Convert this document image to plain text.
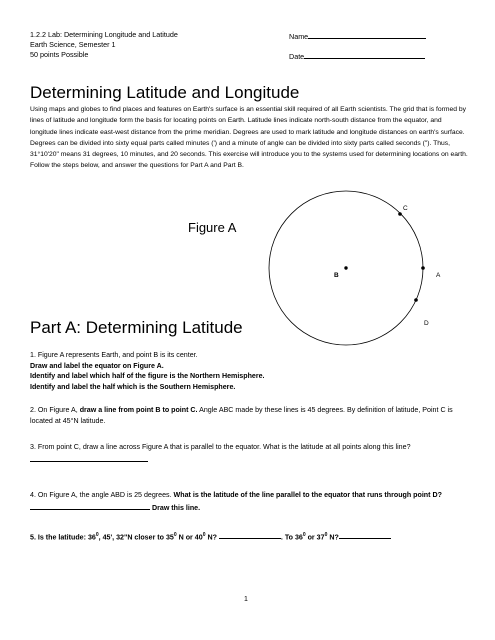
1.2.2 Lab: Determining Longitude and Latitude
Earth Science, Semester 1
50 points Possible
Name
Date
Determining Latitude and Longitude
Using maps and globes to find places and features on Earth's surface is an essential skill required of all Earth scientists. The grid that is formed by lines of latitude and longitude form the basis for locating points on Earth. Latitude lines indicate north-south distance from the equator, and longitude lines indicate east-west distance from the prime meridian. Degrees are used to mark latitude and longitude distances on earth's surface. Degrees can be divided into sixty equal parts called minutes (') and a minute of angle can be divided into sixty parts called seconds ("). Thus, 31°10'20" means 31 degrees, 10 minutes, and 20 seconds. This exercise will introduce you to the systems used for determining locations on earth. Follow the steps below, and answer the questions for Part A and Part B.
Figure A
B	A
C
D
Part A: Determining Latitude

1. Figure A represents Earth, and point B is its center.

Draw and label the equator on Figure A.

Identify and label which half of the figure is the Northern Hemisphere.

Identify and label the half which is the Southern Hemisphere.

2. On Figure A, draw a line from point B to point C. Angle ABC made by these lines is 45 degrees. By definition of latitude, Point C is located at 45°N latitude.
3. From point C, draw a line across Figure A that is parallel to the equator. What is the latitude at all points along this line?
4. On Figure A, the angle ABD is 25 degrees. What is the latitude of the line parallel to the equator that runs through point D?  Draw this line.
5. Is the latitude: $36^0$, 45', 32"N closer to $35^0$ N or $40^0$ N?	. To $36^0$ or $37^0$ N?
1
